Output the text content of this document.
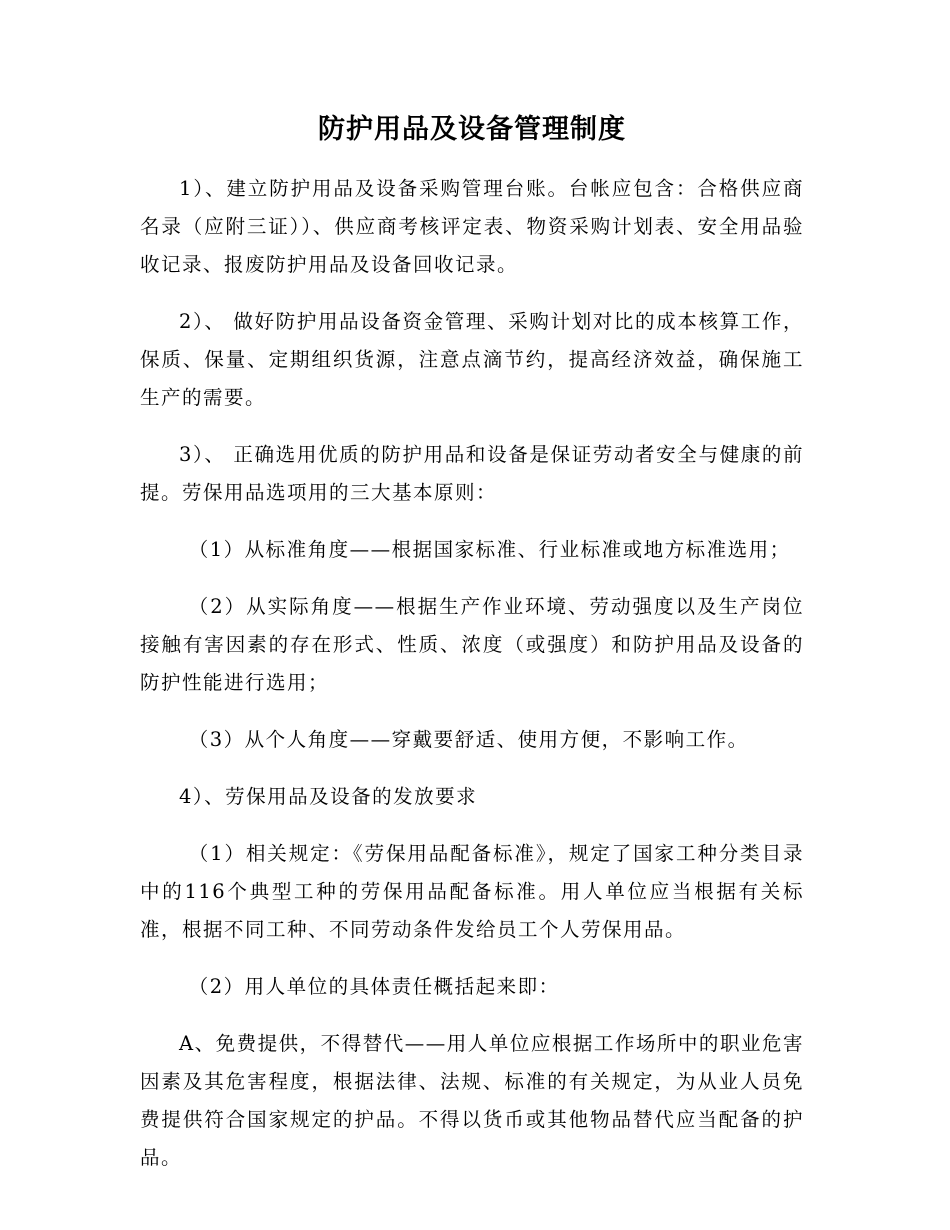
防护用品及设备管理制度

1）、建立防护用品及设备采购管理台账。台帐应包含：合格供应商名录（应附三证））、供应商考核评定表、物资采购计划表、安全用品验收记录、报废防护用品及设备回收记录。

2）、 做好防护用品设备资金管理、采购计划对比的成本核算工作，保质、保量、定期组织货源，注意点滴节约，提高经济效益，确保施工生产的需要。

3）、 正确选用优质的防护用品和设备是保证劳动者安全与健康的前提。劳保用品选项用的三大基本原则：

（1）从标准角度——根据国家标准、行业标准或地方标准选用；

（2）从实际角度——根据生产作业环境、劳动强度以及生产岗位接触有害因素的存在形式、性质、浓度（或强度）和防护用品及设备的防护性能进行选用；

（3）从个人角度——穿戴要舒适、使用方便，不影响工作。

4）、劳保用品及设备的发放要求

（1）相关规定：《劳保用品配备标准》，规定了国家工种分类目录中的116个典型工种的劳保用品配备标准。用人单位应当根据有关标准，根据不同工种、不同劳动条件发给员工个人劳保用品。

（2）用人单位的具体责任概括起来即：

A、免费提供，不得替代——用人单位应根据工作场所中的职业危害因素及其危害程度，根据法律、法规、标准的有关规定，为从业人员免费提供符合国家规定的护品。不得以货币或其他物品替代应当配备的护品。
